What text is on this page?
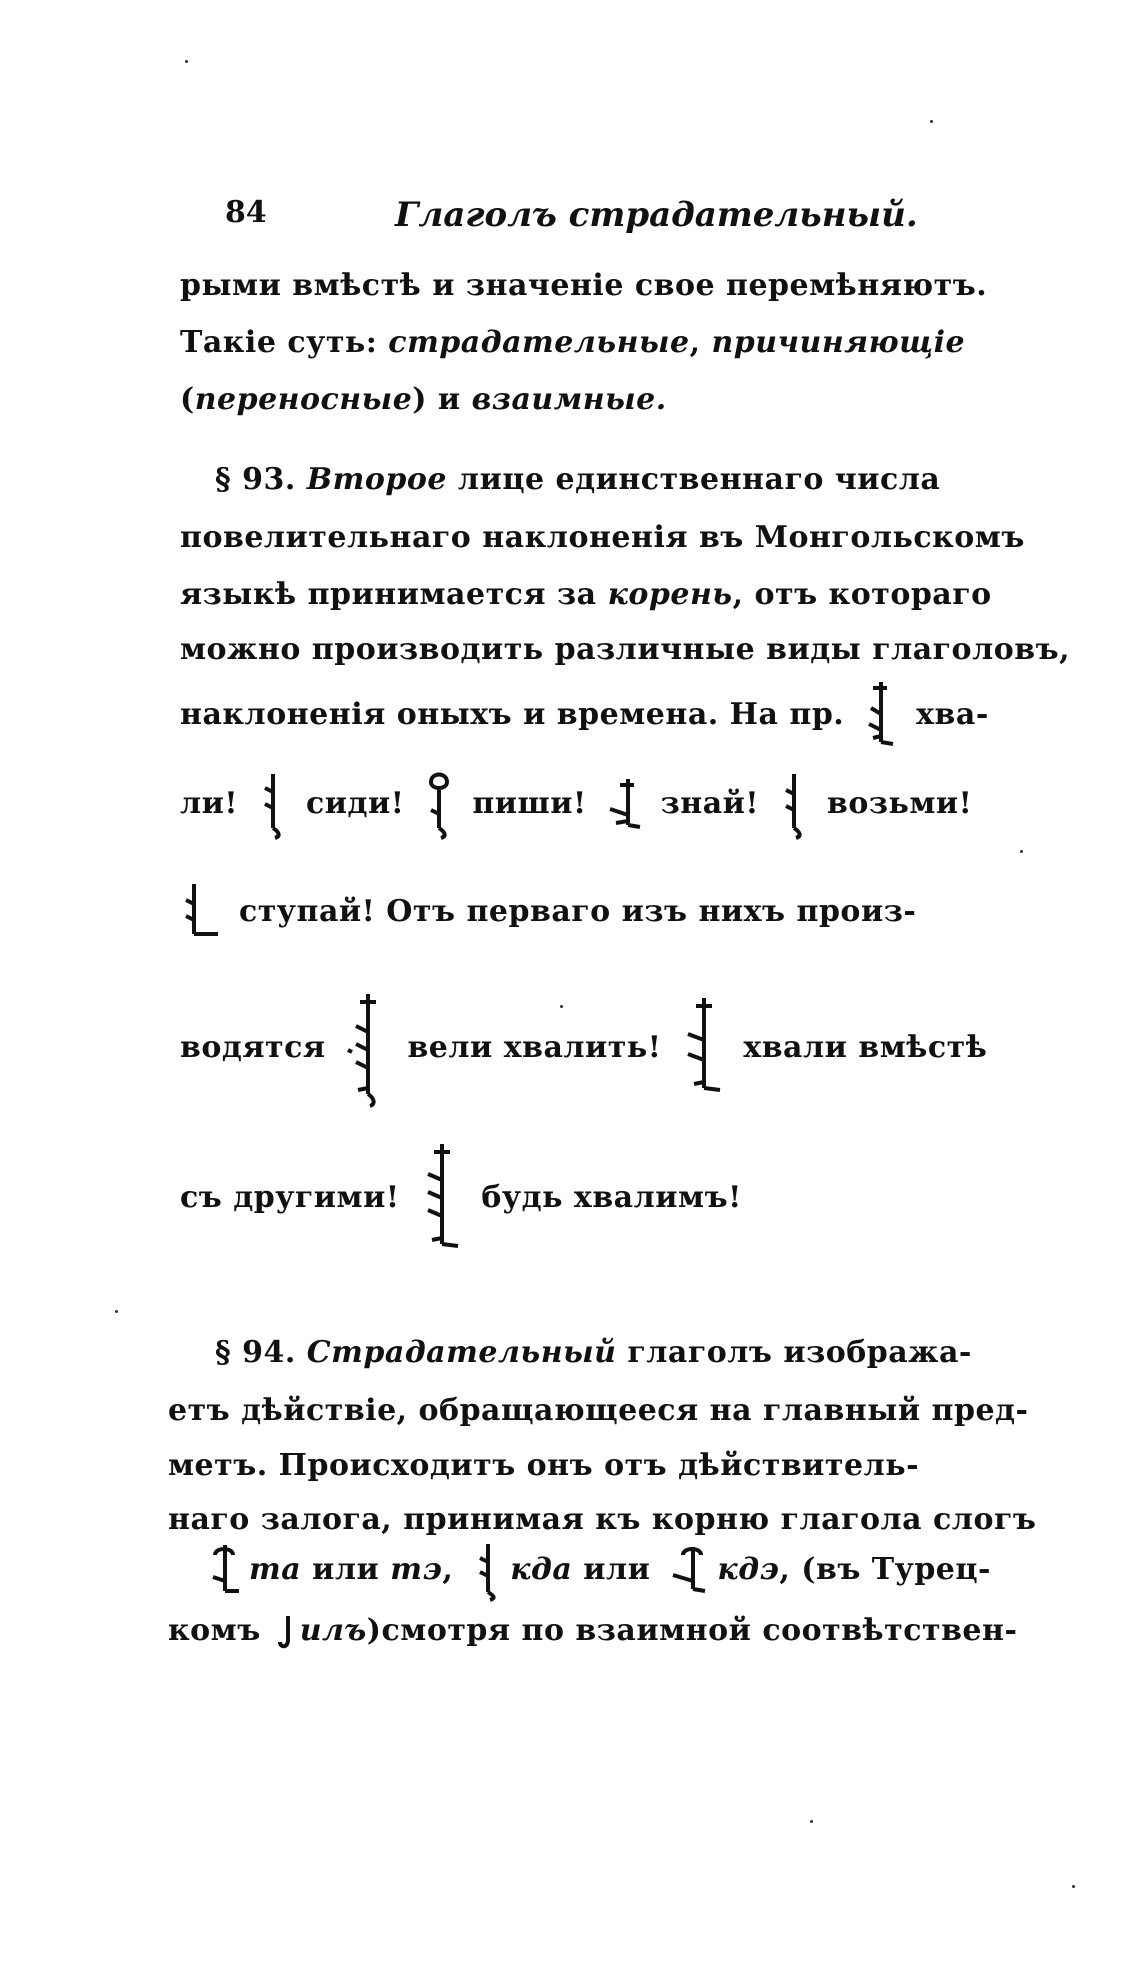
84	Глаголъ страдательный.
рыми вмѣстѣ и значеніе свое перемѣняютъ.
Такіе суть: страдательные, причиняющіе
(переносные) и взаимные.
§ 93. Второе лице единственнаго числа
повелительнаго наклоненія въ Монгольскомъ
языкѣ принимается за корень, отъ котораго
можно производить различные виды глаголовъ,
наклоненія оныхъ и времена. На пр. хва-
ли! сиди! пиши! знай! возьми!
ступай! Отъ перваго изъ нихъ произ-
водятся	вели хвалить!	хвали вмѣстѣ
съ другими!	будь хвалимъ!
§ 94. Страдательный глаголъ изобража-
етъ дѣйствіе, обращающееся на главный пред-
метъ. Происходитъ онъ отъ дѣйствитель-
наго залога, принимая къ корню глагола слогъ
та или тэ,
кда или кдэ, (въ Турец-
комъ илъ)смотря по взаимной соотвѣтствен-
